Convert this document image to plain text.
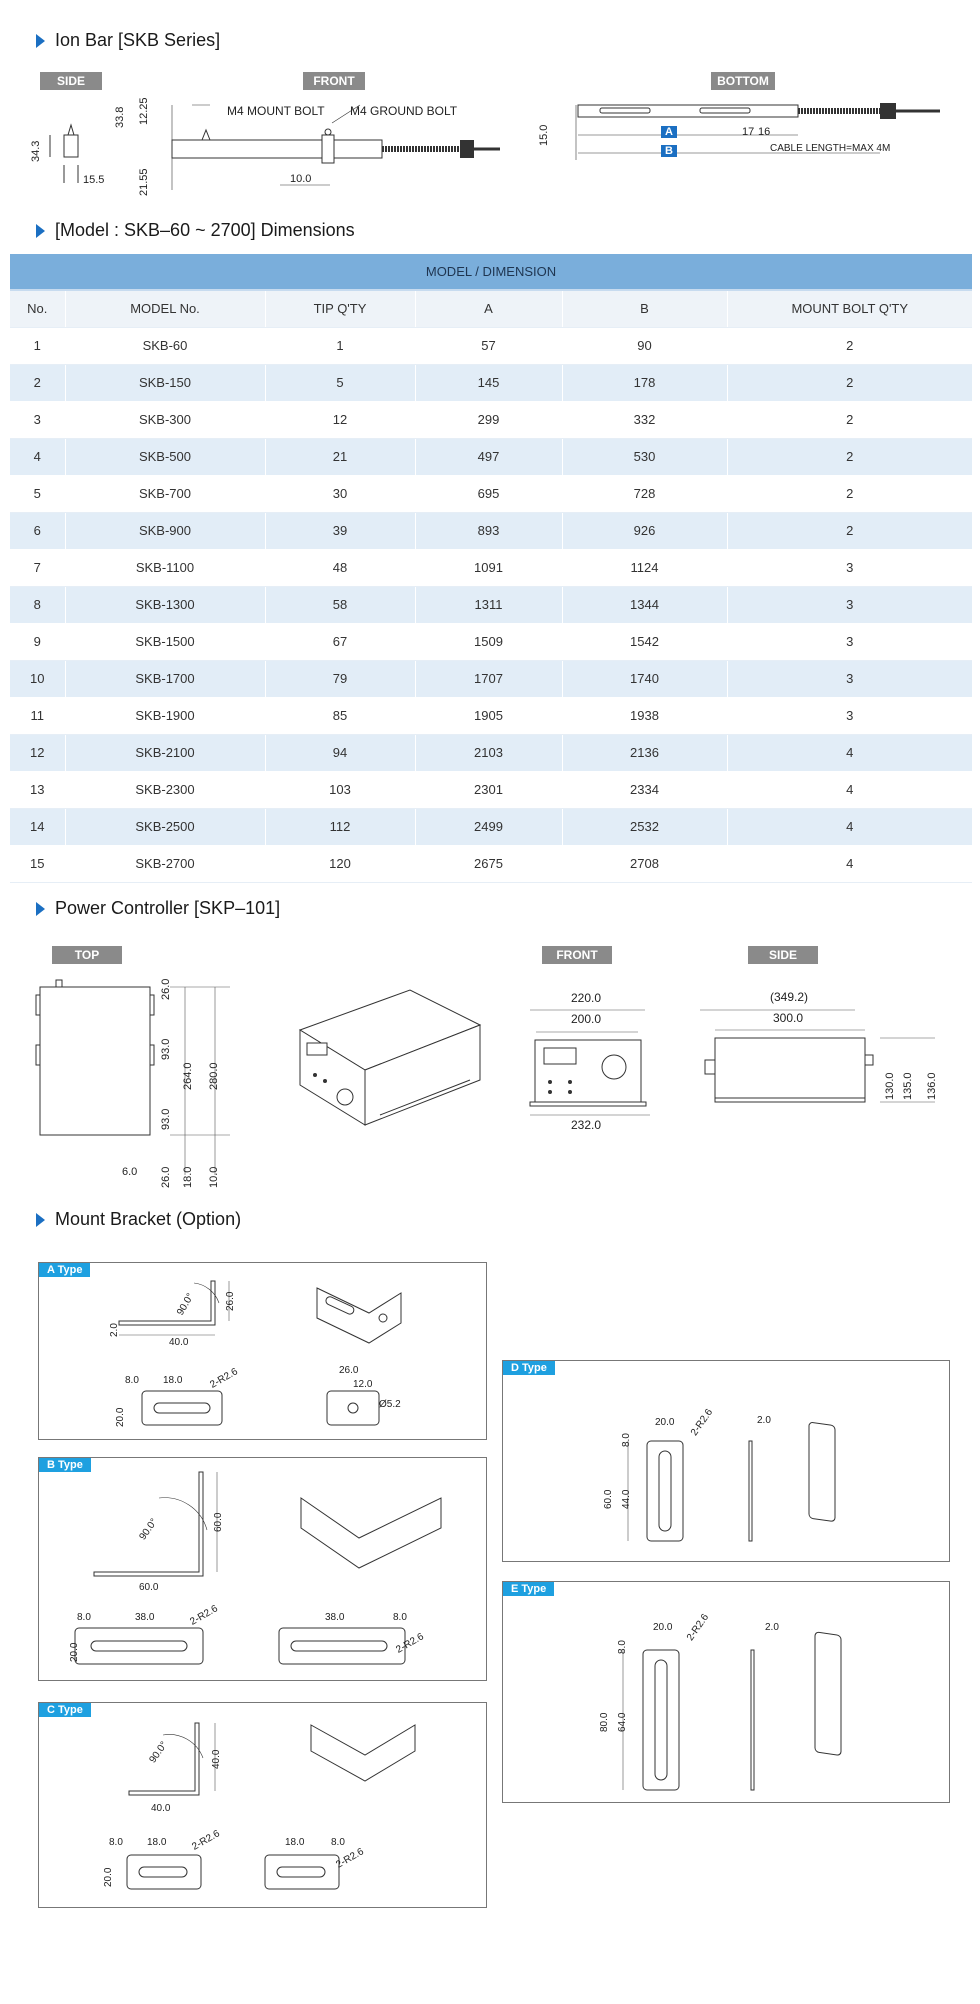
Ion Bar [SKB Series]
SIDE	FRONT	BOTTOM
34.3
15.5
M4 MOUNT BOLT M4 GROUND BOLT
33.8 12.25
21.55	10.0
15.0	A
B
17 16
CABLE LENGTH=MAX 4M
[Model : SKB–60 ~ 2700] Dimensions
MODEL / DIMENSION					
No.	MODEL No.	TIP Q'TY	A	B	MOUNT BOLT Q'TY
1	SKB-60	1	57	90	2
2	SKB-150	5	145	178	2
3	SKB-300	12	299	332	2
4	SKB-500	21	497	530	2
5	SKB-700	30	695	728	2
6	SKB-900	39	893	926	2
7	SKB-1100	48	1091	1124	3
8	SKB-1300	58	1311	1344	3
9	SKB-1500	67	1509	1542	3
10	SKB-1700	79	1707	1740	3
11	SKB-1900	85	1905	1938	3
12	SKB-2100	94	2103	2136	4
13	SKB-2300	103	2301	2334	4
14	SKB-2500	112	2499	2532	4
15	SKB-2700	120	2675	2708	4
Power Controller [SKP–101]
TOP	FRONT	SIDE
26.0
93.0
264.0 280.0
93.0
26.0 18.0 10.0
6.0
220.0
200.0
232.0
(349.2)
300.0
130.0 135.0 136.0
Mount Bracket (Option)
A Type
90.0°	26.0
2.0
40.0
8.0 18.0	2-R2.6
20.0
26.0
12.0
Ø5.2
B Type
90.0°	60.0
60.0
8.0	38.0	2-R2.6
20.0
38.0	8.0
2-R2.6
C Type
90.0°	40.0
40.0
8.0 18.0 2-R2.6
20.0
18.0	8.0
2-R2.6
D Type
20.0 2-R2.6
8.0
60.0 44.0
2.0
E Type
20.0 2-R2.6
8.0
80.0 64.0
2.0
